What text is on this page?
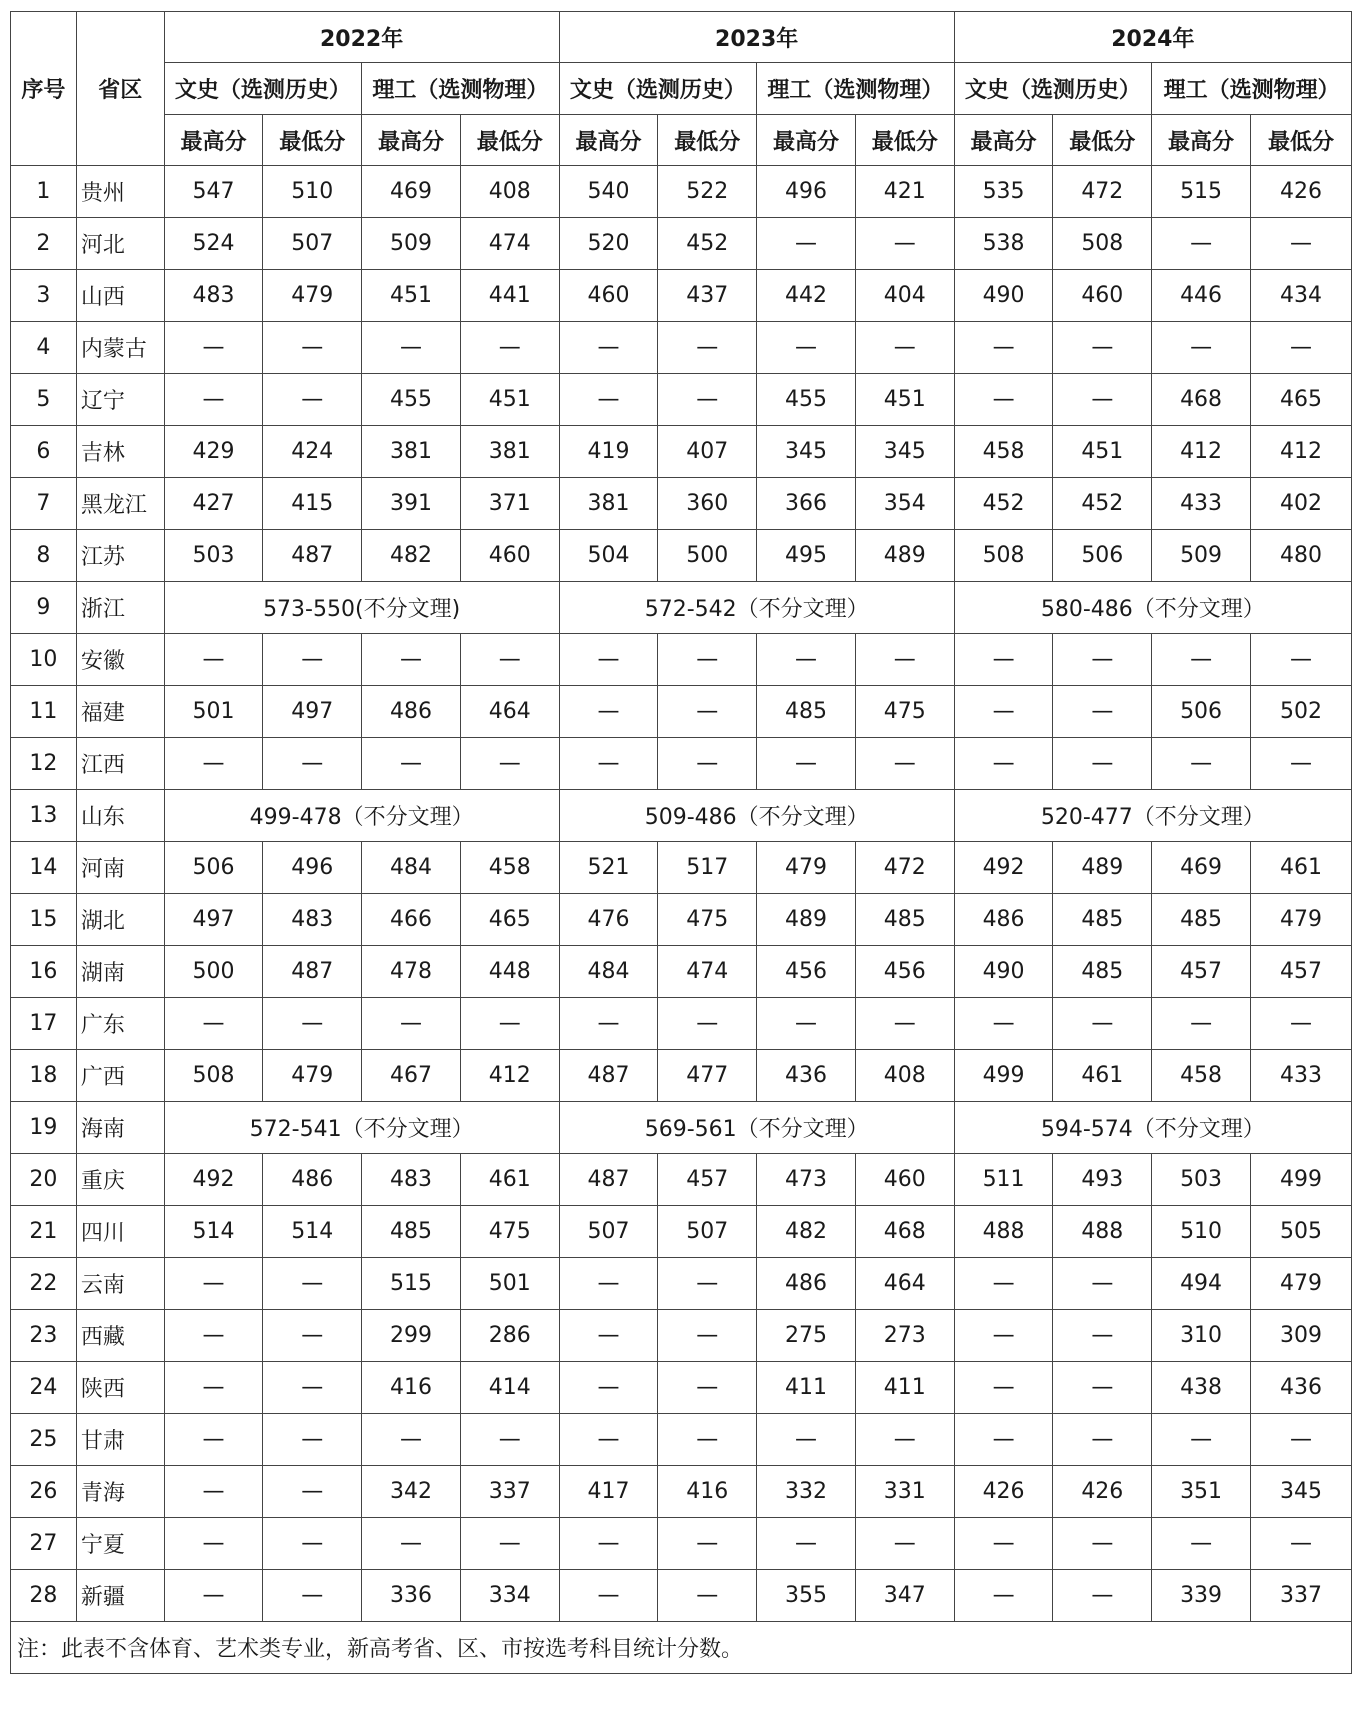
序号	省区	2022年				2023年				2024年			
		文史（选测历史）		理工（选测物理）		文史（选测历史）		理工（选测物理）		文史（选测历史）		理工（选测物理）	
		最高分	最低分	最高分	最低分	最高分	最低分	最高分	最低分	最高分	最低分	最高分	最低分
1	贵州	547	510	469	408	540	522	496	421	535	472	515	426
2	河北	524	507	509	474	520	452	—	—	538	508	—	—
3	山西	483	479	451	441	460	437	442	404	490	460	446	434
4	内蒙古	—	—	—	—	—	—	—	—	—	—	—	—
5	辽宁	—	—	455	451	—	—	455	451	—	—	468	465
6	吉林	429	424	381	381	419	407	345	345	458	451	412	412
7	黑龙江	427	415	391	371	381	360	366	354	452	452	433	402
8	江苏	503	487	482	460	504	500	495	489	508	506	509	480
9	浙江	573-550(不分文理)				572-542（不分文理）				580-486（不分文理）			
10	安徽	—	—	—	—	—	—	—	—	—	—	—	—
11	福建	501	497	486	464	—	—	485	475	—	—	506	502
12	江西	—	—	—	—	—	—	—	—	—	—	—	—
13	山东	499-478（不分文理）				509-486（不分文理）				520-477（不分文理）			
14	河南	506	496	484	458	521	517	479	472	492	489	469	461
15	湖北	497	483	466	465	476	475	489	485	486	485	485	479
16	湖南	500	487	478	448	484	474	456	456	490	485	457	457
17	广东	—	—	—	—	—	—	—	—	—	—	—	—
18	广西	508	479	467	412	487	477	436	408	499	461	458	433
19	海南	572-541（不分文理）				569-561（不分文理）				594-574（不分文理）			
20	重庆	492	486	483	461	487	457	473	460	511	493	503	499
21	四川	514	514	485	475	507	507	482	468	488	488	510	505
22	云南	—	—	515	501	—	—	486	464	—	—	494	479
23	西藏	—	—	299	286	—	—	275	273	—	—	310	309
24	陕西	—	—	416	414	—	—	411	411	—	—	438	436
25	甘肃	—	—	—	—	—	—	—	—	—	—	—	—
26	青海	—	—	342	337	417	416	332	331	426	426	351	345
27	宁夏	—	—	—	—	—	—	—	—	—	—	—	—
28	新疆	—	—	336	334	—	—	355	347	—	—	339	337
注：此表不含体育、艺术类专业，新高考省、区、市按选考科目统计分数。													
